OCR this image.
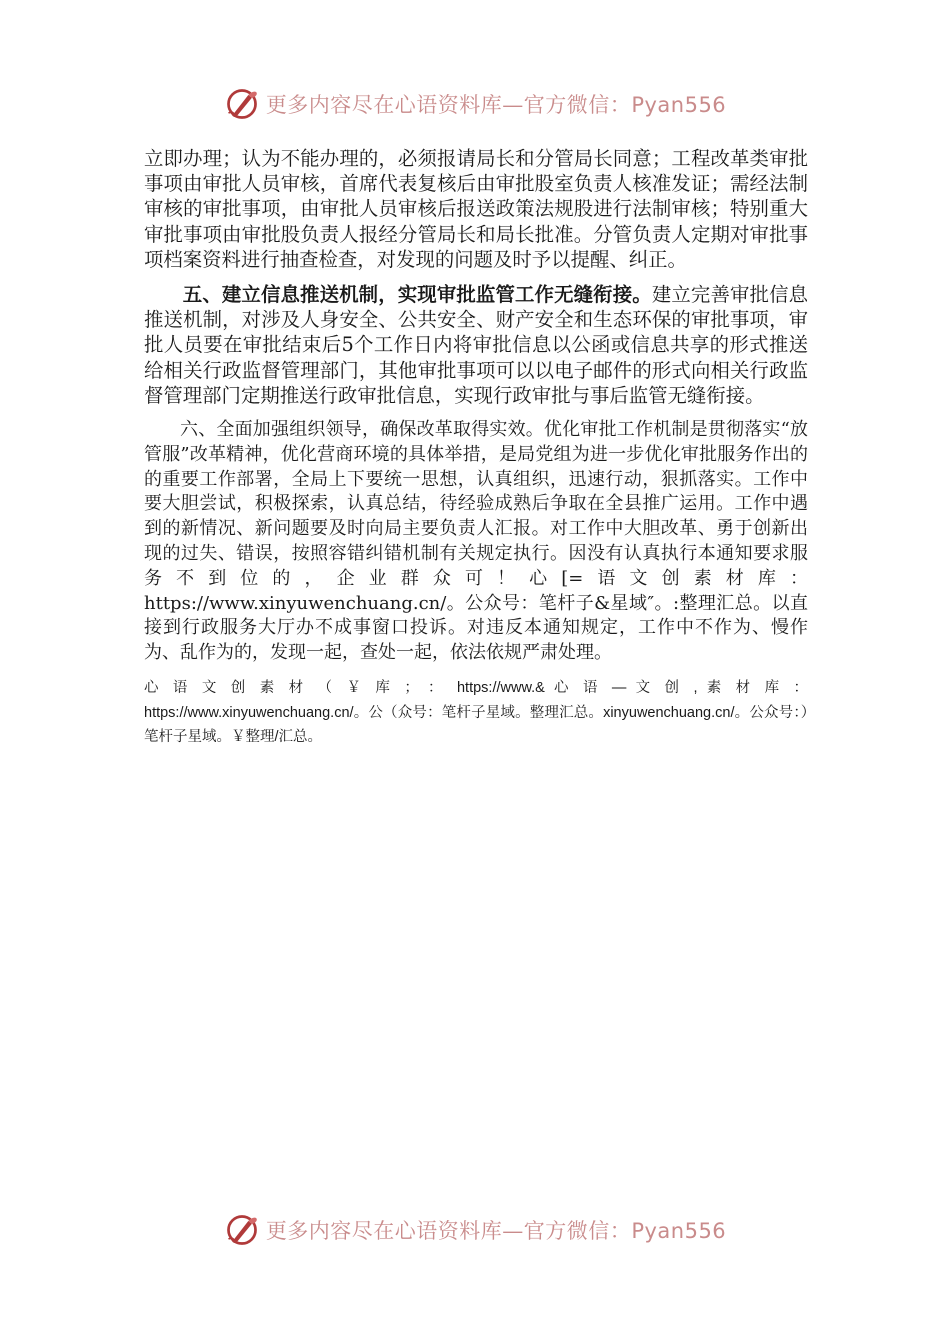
更多内容尽在心语资料库—官方微信：Pyan556

立即办理；认为不能办理的，必须报请局长和分管局长同意；工程改革类审批事项由审批人员审核，首席代表复核后由审批股室负责人核准发证；需经法制审核的审批事项，由审批人员审核后报送政策法规股进行法制审核；特别重大审批事项由审批股负责人报经分管局长和局长批准。分管负责人定期对审批事项档案资料进行抽查检查，对发现的问题及时予以提醒、纠正。

五、建立信息推送机制，实现审批监管工作无缝衔接。建立完善审批信息推送机制，对涉及人身安全、公共安全、财产安全和生态环保的审批事项，审批人员要在审批结束后5个工作日内将审批信息以公函或信息共享的形式推送给相关行政监督管理部门，其他审批事项可以以电子邮件的形式向相关行政监督管理部门定期推送行政审批信息，实现行政审批与事后监管无缝衔接。

六、全面加强组织领导，确保改革取得实效。优化审批工作机制是贯彻落实“放管服”改革精神，优化营商环境的具体举措，是局党组为进一步优化审批服务作出的的重要工作部署，全局上下要统一思想，认真组织，迅速行动，狠抓落实。工作中要大胆尝试，积极探索，认真总结，待经验成熟后争取在全县推广运用。工作中遇到的新情况、新问题要及时向局主要负责人汇报。对工作中大胆改革、勇于创新出现的过失、错误，按照容错纠错机制有关规定执行。因没有认真执行本通知要求服务不到位的，企业群众可！心[=语文创素材库：https://www.xinyuwenchuang.cn/。公众号：笔杆子&星域″。:整理汇总。以直接到行政服务大厅办不成事窗口投诉。对违反本通知规定，工作中不作为、慢作为、乱作为的，发现一起，查处一起，依法依规严肃处理。

心 语 文 创 素 材 （ ￥ 库 ； ： https://www.& 心 语 — 文 创 , 素 材 库 ： https://www.xinyuwenchuang.cn/。公（众号：笔杆子星域。整理汇总。xinyuwenchuang.cn/。公众号：）笔杆子星域。￥整理/汇总。

更多内容尽在心语资料库—官方微信：Pyan556
